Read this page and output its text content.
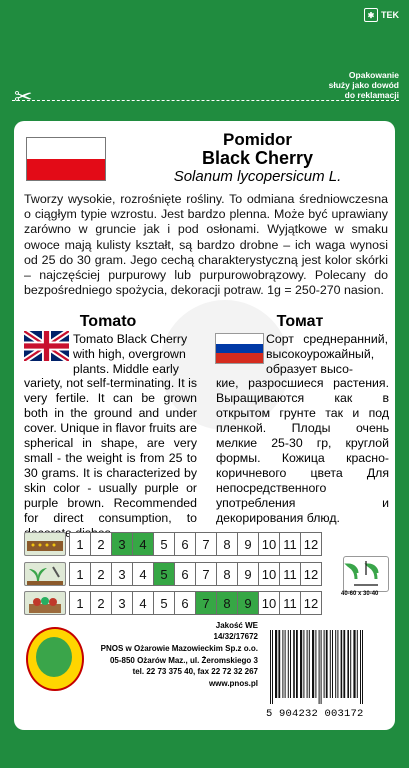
✱ TEK
Opakowanie
służy jako dowód
do reklamacji
✂
Pomidor
Black Cherry
Solanum lycopersicum L.

Tworzy wysokie, rozrośnięte rośliny. To odmiana średniowczesna o ciągłym typie wzrostu. Jest bardzo plenna. Może być uprawiany zarówno w gruncie jak i pod osłonami. Wyjątkowe w smaku owoce mają kulisty kształt, są bardzo drobne – ich waga wynosi od 25 do 30 gram. Jego cechą charakterystyczną jest kolor skórki – najczęściej purpurowy lub purpurowobrązowy. Polecany do bezpośredniego spożycia, dekoracji potraw. 1g = 250-270 nasion.

Tomato	Томат

Tomato Black Cherry with high, overgrown plants. Middle early

variety, not self-terminating. It is very fertile. It can be grown both in the ground and under cover. Unique in flavor fruits are spherical in shape, are very small - the weight is from 25 to 30 grams. It is characterized by skin color - usually purple or purple brown. Recommended for direct consumption, to

Сорт среднеранний, высокоурожайный, образует высо-

кие, разросшиеся растения. Выращиваются как в открытом грунте так и под пленкой. Плоды очень мелкие 25-30 гр, круглой формы. Кожица красно-коричневого цвета Для непосредственного употребления и декорирования блюд.

1	2	3	4	5	6	7	8	9 10 11 12
1	2	3	4	5	6	7	8	9 10 11 12
1	2	3	4	5	6	7	8	9 10 11 12
40-60 x 30-40
Jakość WE
14/32/17672
PNOS w Ożarowie Mazowieckim Sp.z o.o.
05-850 Ożarów Maz., ul. Żeromskiego 3
tel. 22 73 375 40, fax 22 72 32 267
www.pnos.pl
5 904232 003172
